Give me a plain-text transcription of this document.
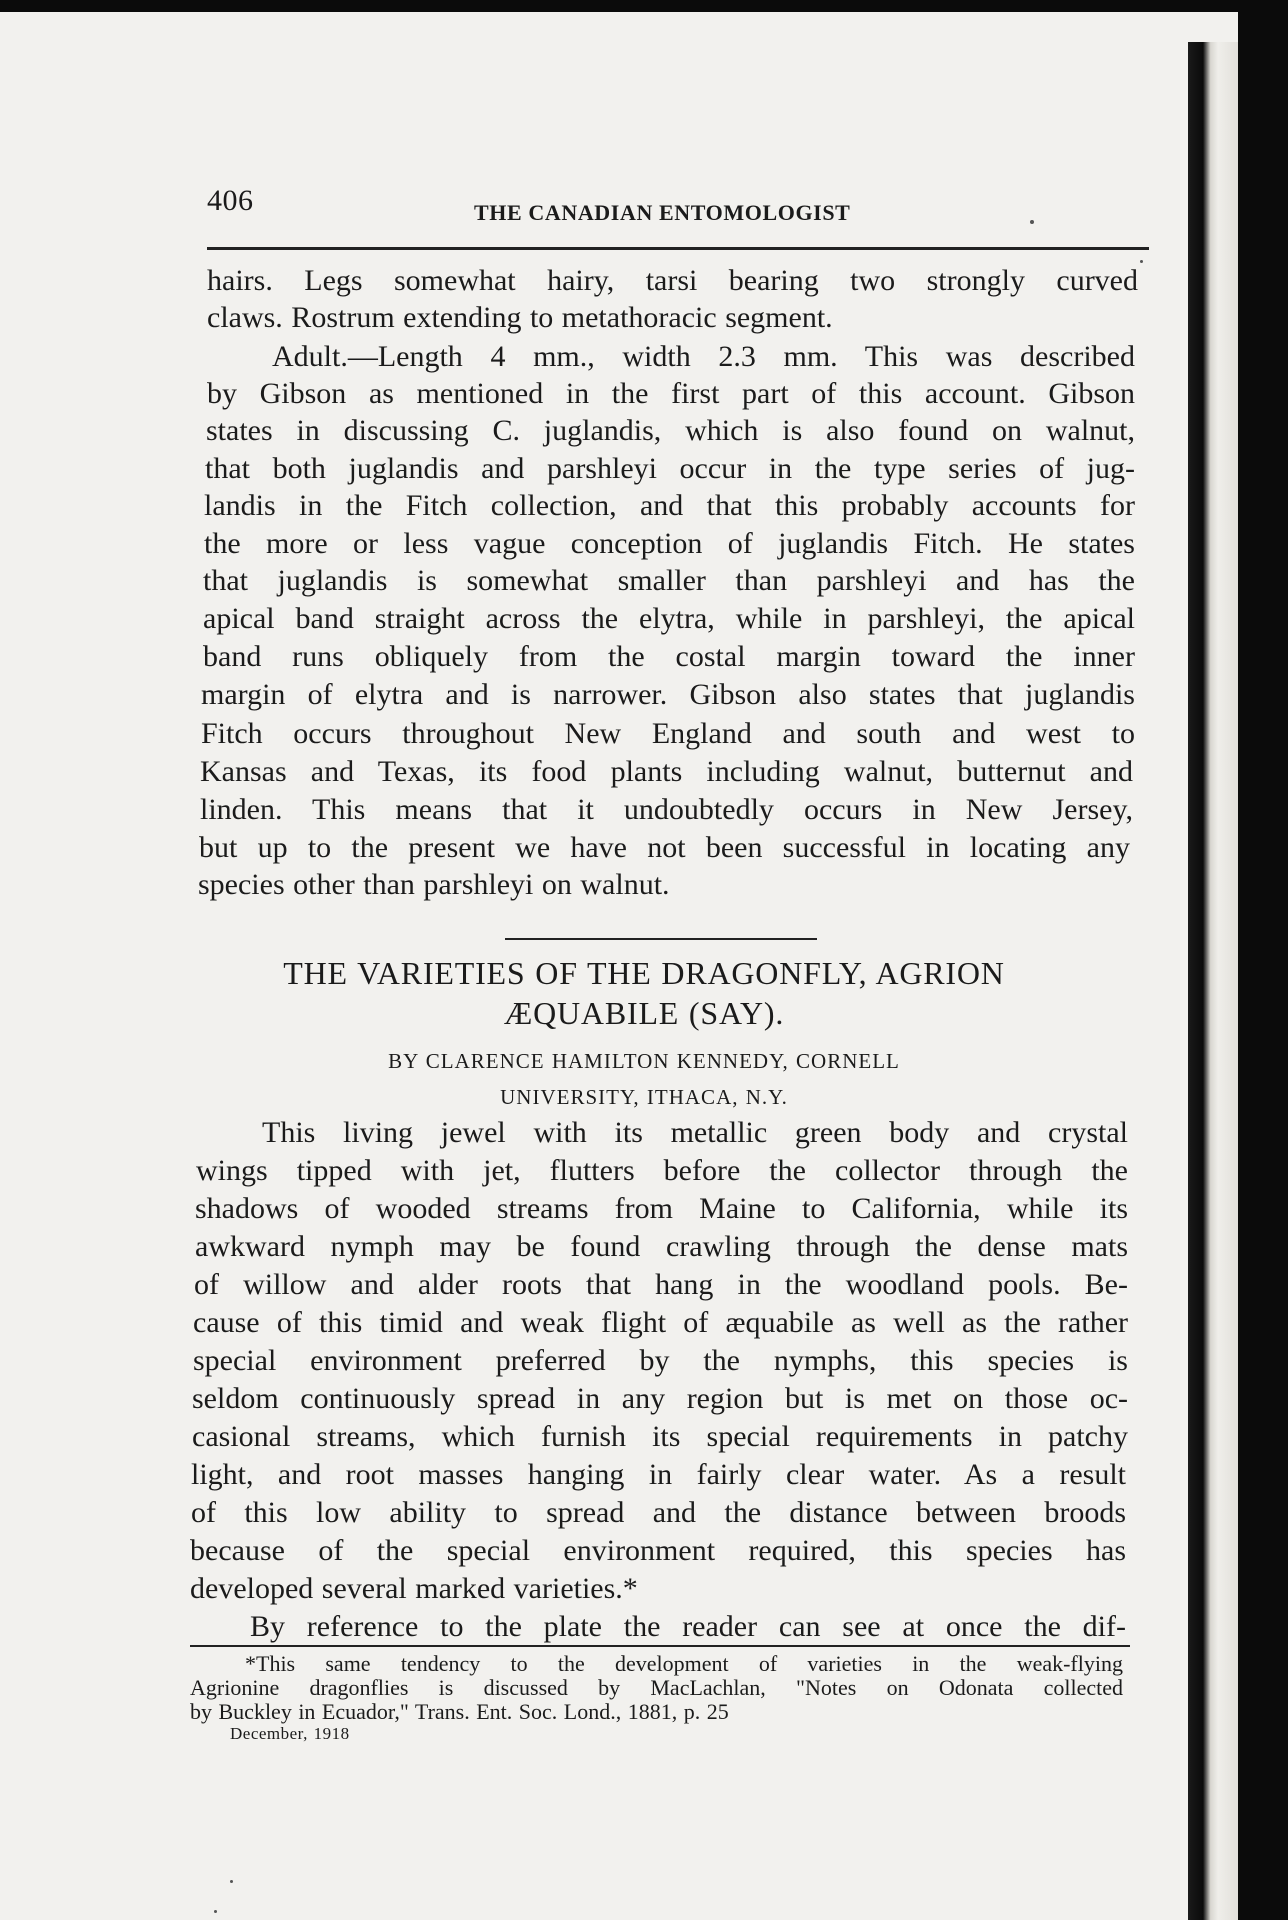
406	THE CANADIAN ENTOMOLOGIST
hairs. Legs somewhat hairy, tarsi bearing two strongly curved
claws. Rostrum extending to metathoracic segment.
Adult.—Length 4 mm., width 2.3 mm. This was described
by Gibson as mentioned in the first part of this account. Gibson
states in discussing C. juglandis, which is also found on walnut,
that both juglandis and parshleyi occur in the type series of jug-
landis in the Fitch collection, and that this probably accounts for
the more or less vague conception of juglandis Fitch. He states
that juglandis is somewhat smaller than parshleyi and has the
apical band straight across the elytra, while in parshleyi, the apical
band runs obliquely from the costal margin toward the inner
margin of elytra and is narrower. Gibson also states that juglandis
Fitch occurs throughout New England and south and west to
Kansas and Texas, its food plants including walnut, butternut and
linden. This means that it undoubtedly occurs in New Jersey,
but up to the present we have not been successful in locating any
species other than parshleyi on walnut.
THE VARIETIES OF THE DRAGONFLY, AGRION
ÆQUABILE (SAY).
BY CLARENCE HAMILTON KENNEDY, CORNELL
UNIVERSITY, ITHACA, N.Y.
This living jewel with its metallic green body and crystal
wings tipped with jet, flutters before the collector through the
shadows of wooded streams from Maine to California, while its
awkward nymph may be found crawling through the dense mats
of willow and alder roots that hang in the woodland pools. Be-
cause of this timid and weak flight of æquabile as well as the rather
special environment preferred by the nymphs, this species is
seldom continuously spread in any region but is met on those oc-
casional streams, which furnish its special requirements in patchy
light, and root masses hanging in fairly clear water. As a result
of this low ability to spread and the distance between broods
because of the special environment required, this species has
developed several marked varieties.*
By reference to the plate the reader can see at once the dif-
*This same tendency to the development of varieties in the weak-flying
Agrionine dragonflies is discussed by MacLachlan, "Notes on Odonata collected
by Buckley in Ecuador," Trans. Ent. Soc. Lond., 1881, p. 25
December, 1918
